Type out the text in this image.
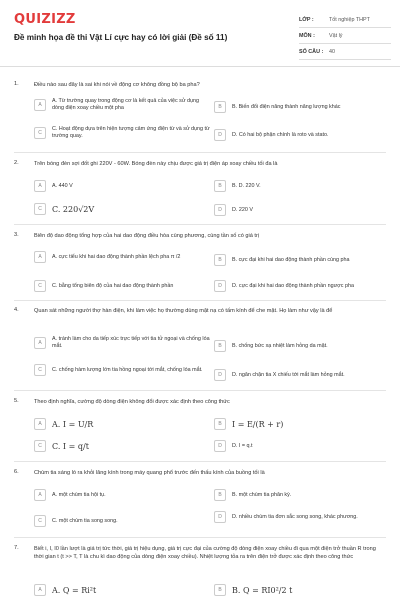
QUIZIZZ
Đề minh họa đề thi Vật Lí cực hay có lời giải (Đề số 11)
LỚP :	Tốt nghiệp THPT
MÔN :	Vật lý
SỐ CÂU :	40
1.	Điều nào sau đây là sai khi nói về động cơ không đồng bộ ba pha?
A
A. Từ trường quay trong động cơ là kết quả của việc sử dụng dòng điện xoay chiều một pha	B	B. Biến đổi điện năng thành năng lượng khác
C
C. Hoạt động dựa trên hiện tượng cảm ứng điện từ và sử dụng từ trường quay.	D	D. Có hai bộ phận chính là roto và stato.
2.	Trên bóng đèn sợi đốt ghi 220V - 60W. Bóng đèn này chịu được giá trị điện áp xoay chiều tối đa là
A	A. 440 V	B	B. D. 220 V.
C	C. 220√2V	D	D. 220 V
3.	Biên độ dao động tổng hợp của hai dao động điều hòa cùng phương, cùng tần số có giá trị
A	A. cực tiểu khi hai dao động thành phần lệch pha π /2
B	B. cực đại khi hai dao động thành phần cùng pha
C	C. bằng tổng biên độ của hai dao động thành phần	D	D. cực đại khi hai dao động thành phần ngược pha
4.	Quan sát những người thợ hàn điện, khi làm việc họ thường dùng mặt nạ có tấm kính để che mặt. Họ làm như vậy là để
A
A. tránh làm cho da tiếp xúc trực tiếp với tia tử ngoại và chống lóa mắt.	B	B. chống bức xạ nhiệt làm hỏng da mặt.
C	C. chống hàm lượng lớn tia hồng ngoại tới mắt, chống lóa mắt.
D	D. ngăn chặn tia X chiếu tới mắt làm hỏng mắt.
5.	Theo định nghĩa, cường độ dòng điện không đổi được xác định theo công thức
A	A. I = U/R	B	I = E/(R + r)
C	C. I = q/t	D	D. I = q.t
6.	Chùm tia sáng ló ra khỏi lăng kính trong máy quang phổ trước đến thấu kính của buồng tối là
A	A. một chùm tia hội tụ.	B	B. một chùm tia phân kỳ.
C	C. một chùm tia song song.
D	D. nhiều chùm tia đơn sắc song song, khác phương.
7.	Biết i, I, I0 lần lượt là giá trị tức thời, giá trị hiệu dụng, giá trị cực đại của cường độ dòng điện xoay chiều đi qua một điện trở thuần R trong thời gian t (t >> T, T là chu kì dao động của dòng điện xoay chiều). Nhiệt lượng tỏa ra trên điện trở được xác định theo công thức
A	A. Q = Ri²t	B	B. Q = RI0²/2 t
